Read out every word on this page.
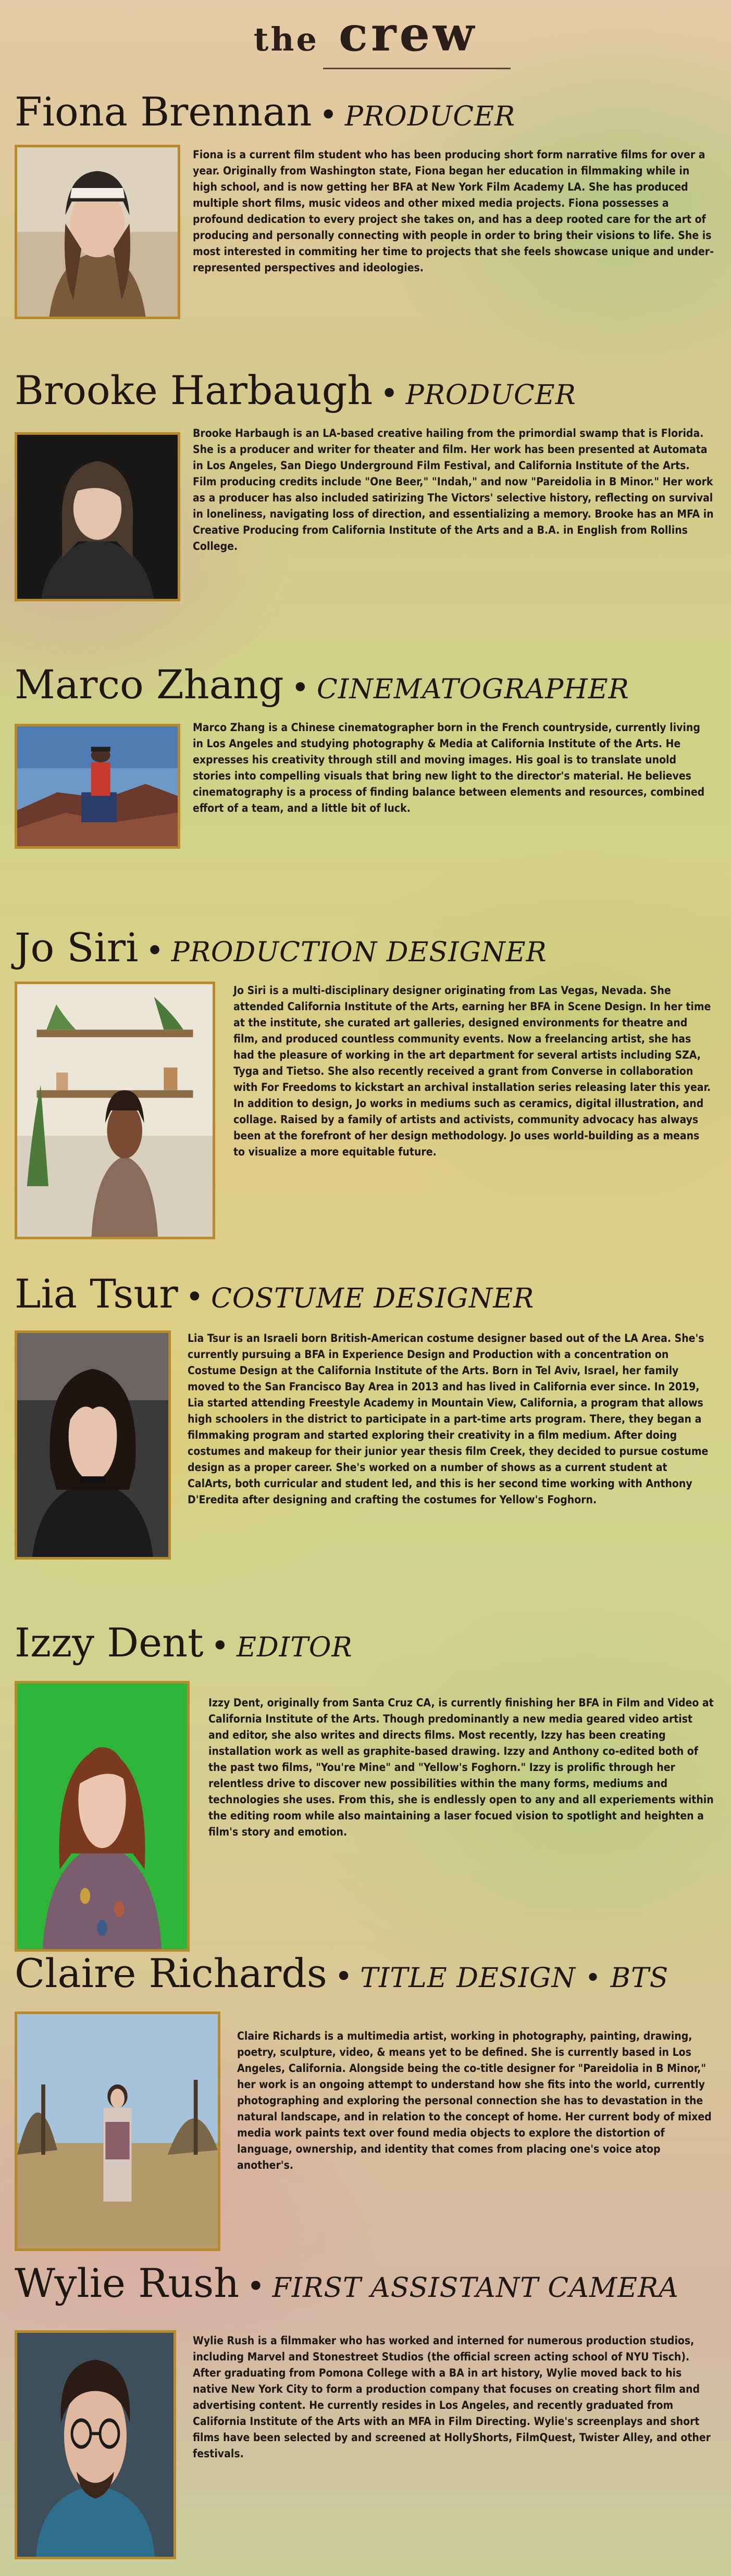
the crew
Fiona Brennan • PRODUCER

Fiona is a current film student who has been producing short form narrative films for over a year. Originally from Washington state, Fiona began her education in filmmaking while in high school, and is now getting her BFA at New York Film Academy LA. She has produced multiple short films, music videos and other mixed media projects. Fiona possesses a profound dedication to every project she takes on, and has a deep rooted care for the art of producing and personally connecting with people in order to bring their visions to life. She is most interested in commiting her time to projects that she feels showcase unique and under-represented perspectives and ideologies.

Brooke Harbaugh • PRODUCER

Brooke Harbaugh is an LA-based creative hailing from the primordial swamp that is Florida. She is a producer and writer for theater and film. Her work has been presented at Automata in Los Angeles, San Diego Underground Film Festival, and California Institute of the Arts. Film producing credits include "One Beer," "Indah," and now "Pareidolia in B Minor." Her work as a producer has also included satirizing The Victors' selective history, reflecting on survival in loneliness, navigating loss of direction, and essentializing a memory. Brooke has an MFA in Creative Producing from California Institute of the Arts and a B.A. in English from Rollins College.

Marco Zhang • CINEMATOGRAPHER

Marco Zhang is a Chinese cinematographer born in the French countryside, currently living in Los Angeles and studying photography & Media at California Institute of the Arts. He expresses his creativity through still and moving images. His goal is to translate unold stories into compelling visuals that bring new light to the director's material. He believes cinematography is a process of finding balance between elements and resources, combined effort of a team, and a little bit of luck.

Jo Siri • PRODUCTION DESIGNER

Jo Siri is a multi-disciplinary designer originating from Las Vegas, Nevada. She attended California Institute of the Arts, earning her BFA in Scene Design. In her time at the institute, she curated art galleries, designed environments for theatre and film, and produced countless community events. Now a freelancing artist, she has had the pleasure of working in the art department for several artists including SZA, Tyga and Tietso. She also recently received a grant from Converse in collaboration with For Freedoms to kickstart an archival installation series releasing later this year. In addition to design, Jo works in mediums such as ceramics, digital illustration, and collage. Raised by a family of artists and activists, community advocacy has always been at the forefront of her design methodology. Jo uses world-building as a means to visualize a more equitable future.

Lia Tsur • COSTUME DESIGNER

Lia Tsur is an Israeli born British-American costume designer based out of the LA Area. She's currently pursuing a BFA in Experience Design and Production with a concentration on Costume Design at the California Institute of the Arts. Born in Tel Aviv, Israel, her family moved to the San Francisco Bay Area in 2013 and has lived in California ever since. In 2019, Lia started attending Freestyle Academy in Mountain View, California, a program that allows high schoolers in the district to participate in a part-time arts program. There, they began a filmmaking program and started exploring their creativity in a film medium. After doing costumes and makeup for their junior year thesis film Creek, they decided to pursue costume design as a proper career. She's worked on a number of shows as a current student at CalArts, both curricular and student led, and this is her second time working with Anthony D'Eredita after designing and crafting the costumes for Yellow's Foghorn.

Izzy Dent • EDITOR

Izzy Dent, originally from Santa Cruz CA, is currently finishing her BFA in Film and Video at California Institute of the Arts. Though predominantly a new media geared video artist and editor, she also writes and directs films. Most recently, Izzy has been creating installation work as well as graphite-based drawing. Izzy and Anthony co-edited both of the past two films, "You're Mine" and "Yellow's Foghorn." Izzy is prolific through her relentless drive to discover new possibilities within the many forms, mediums and technologies she uses. From this, she is endlessly open to any and all experiements within the editing room while also maintaining a laser focued vision to spotlight and heighten a film's story and emotion.

Claire Richards • TITLE DESIGN • BTS

Claire Richards is a multimedia artist, working in photography, painting, drawing, poetry, sculpture, video, & means yet to be defined. She is currently based in Los Angeles, California. Alongside being the co-title designer for "Pareidolia in B Minor," her work is an ongoing attempt to understand how she fits into the world, currently photographing and exploring the personal connection she has to devastation in the natural landscape, and in relation to the concept of home. Her current body of mixed media work paints text over found media objects to explore the distortion of language, ownership, and identity that comes from placing one's voice atop another's.

Wylie Rush • FIRST ASSISTANT CAMERA

Wylie Rush is a filmmaker who has worked and interned for numerous production studios, including Marvel and Stonestreet Studios (the official screen acting school of NYU Tisch). After graduating from Pomona College with a BA in art history, Wylie moved back to his native New York City to form a production company that focuses on creating short film and advertising content. He currently resides in Los Angeles, and recently graduated from California Institute of the Arts with an MFA in Film Directing. Wylie's screenplays and short films have been selected by and screened at HollyShorts, FilmQuest, Twister Alley, and other festivals.
